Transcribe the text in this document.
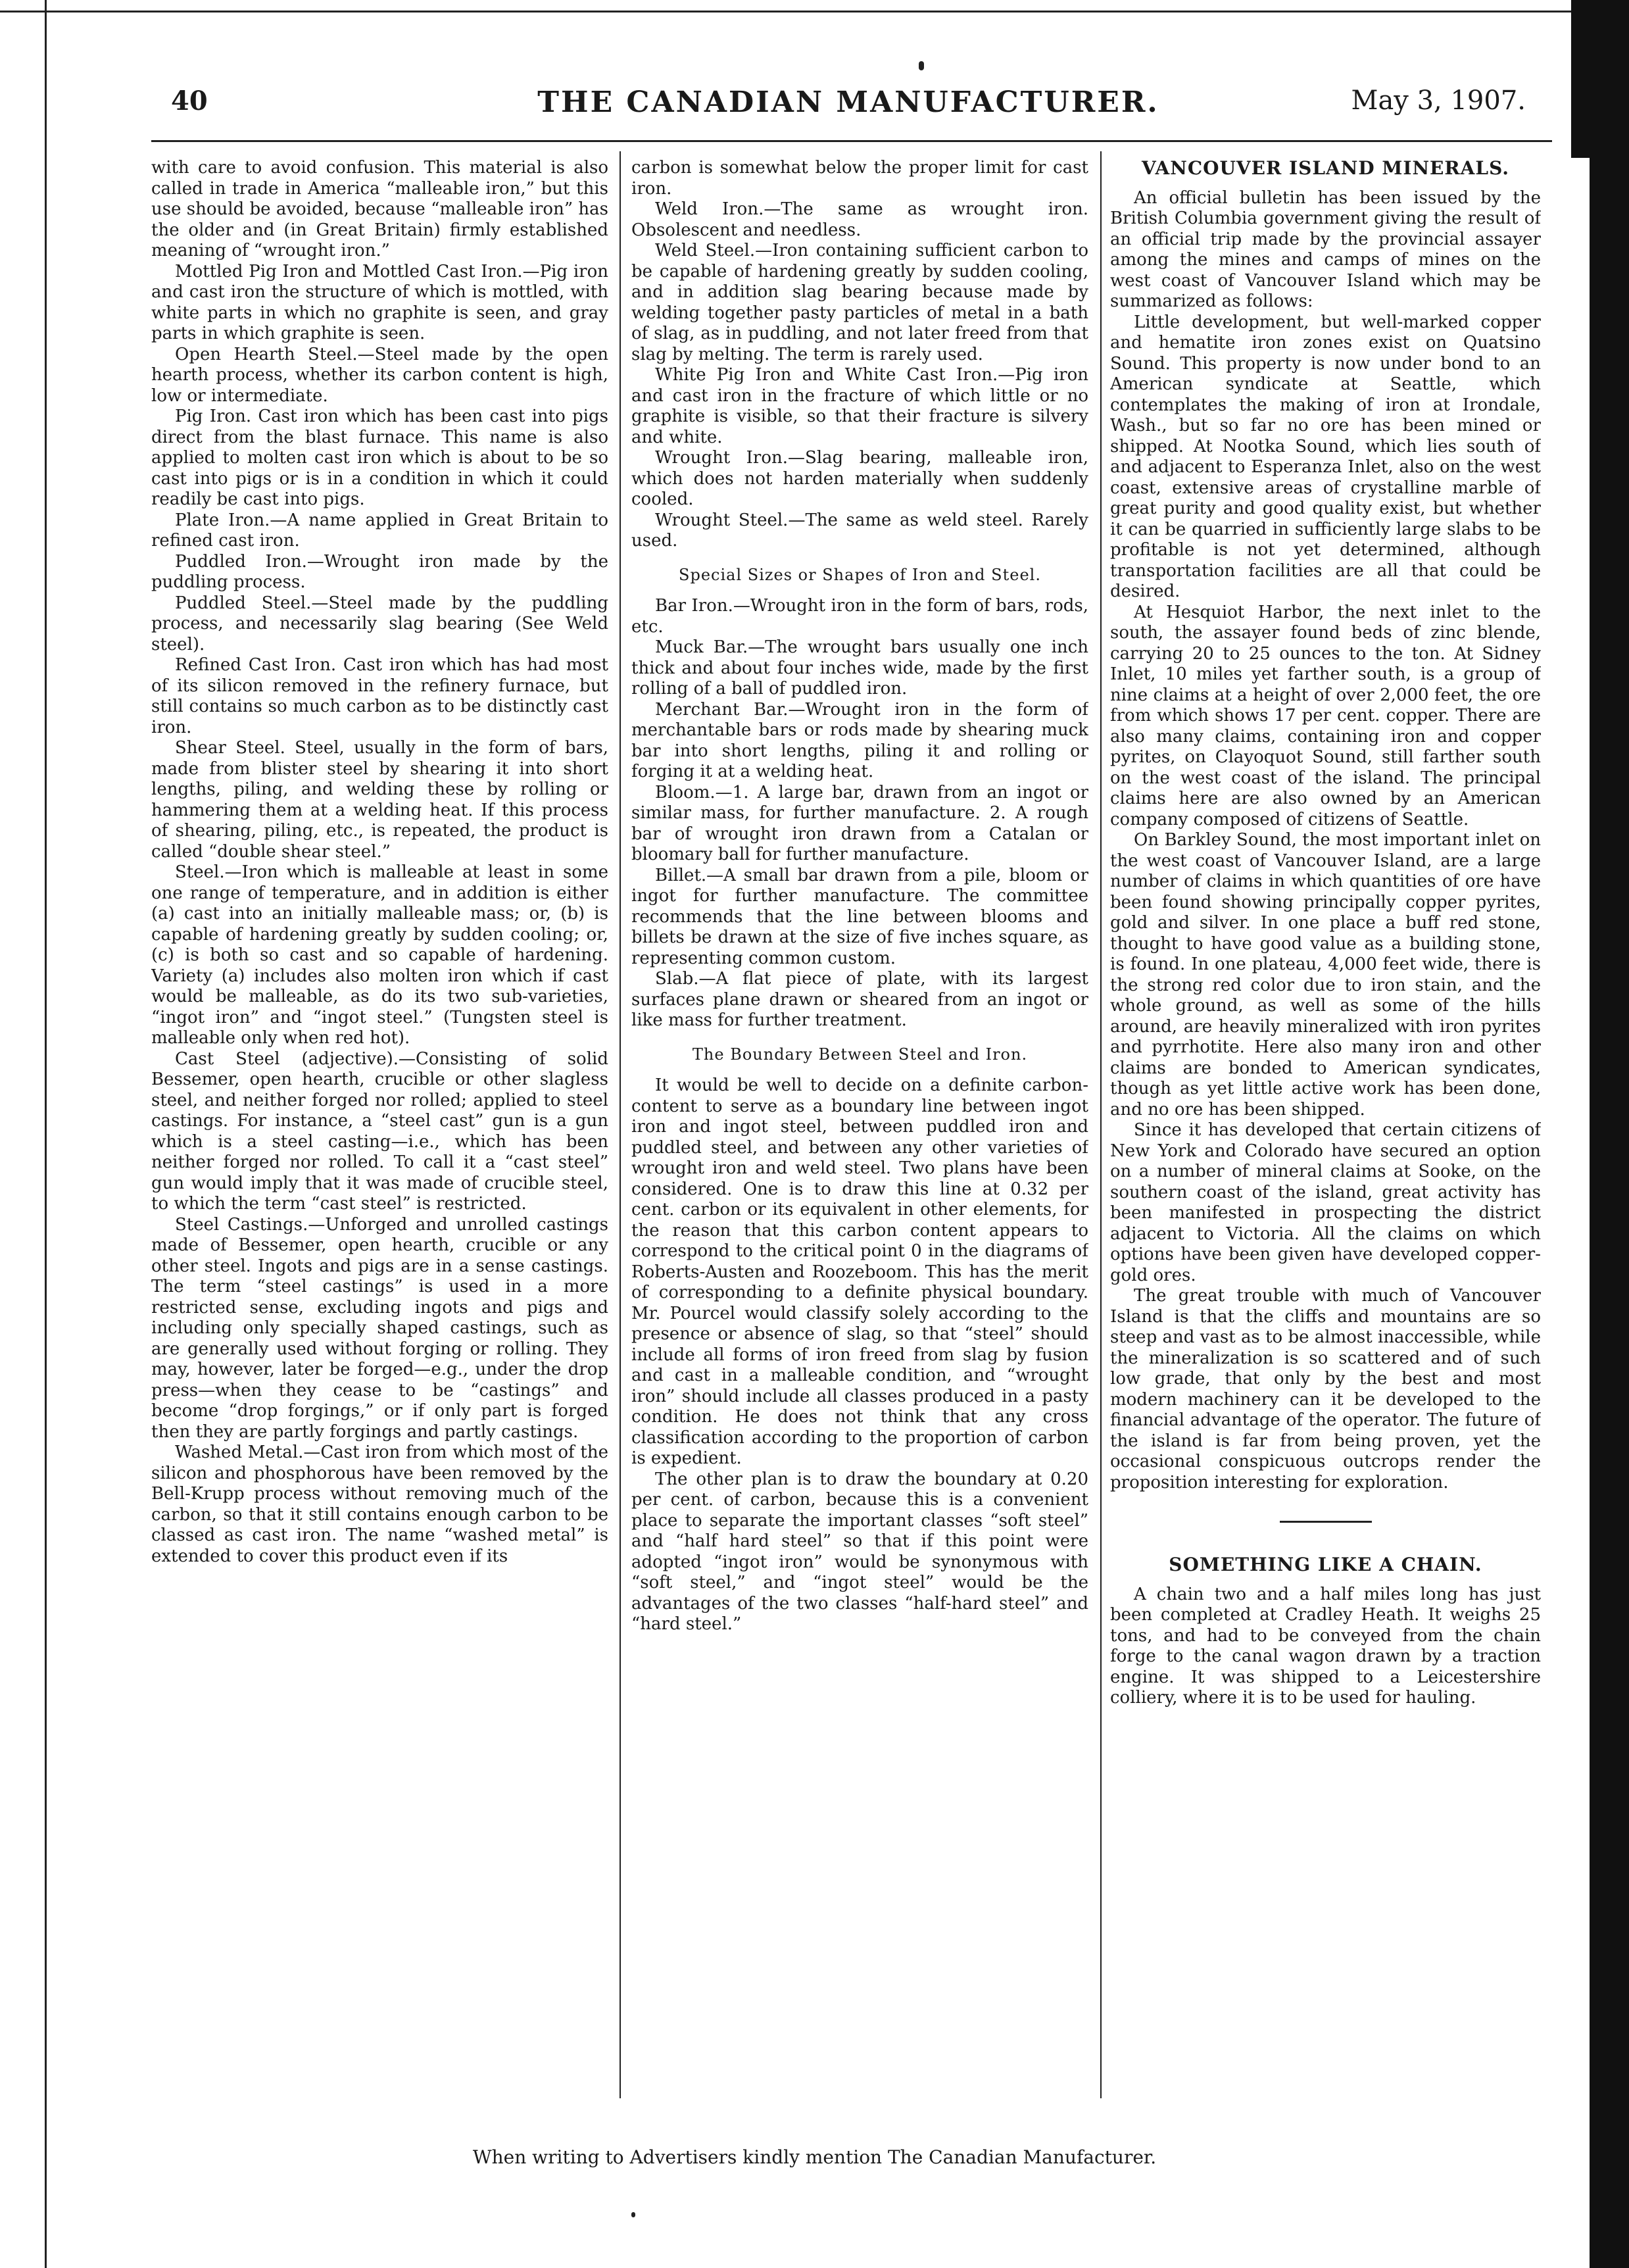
40	THE CANADIAN MANUFACTURER.	May 3, 1907.

with care to avoid confusion. This material is also called in trade in America “malleable iron,” but this use should be avoided, because “malleable iron” has the older and (in Great Britain) firmly established meaning of “wrought iron.”

Mottled Pig Iron and Mottled Cast Iron.—Pig iron and cast iron the structure of which is mottled, with white parts in which no graphite is seen, and gray parts in which graphite is seen.

Open Hearth Steel.—Steel made by the open hearth process, whether its carbon content is high, low or intermediate.

Pig Iron. Cast iron which has been cast into pigs direct from the blast furnace. This name is also applied to molten cast iron which is about to be so cast into pigs or is in a condition in which it could readily be cast into pigs.

Plate Iron.—A name applied in Great Britain to refined cast iron.

Puddled Iron.—Wrought iron made by the puddling process.

Puddled Steel.—Steel made by the puddling process, and necessarily slag bearing (See Weld steel).

Refined Cast Iron. Cast iron which has had most of its silicon removed in the refinery furnace, but still contains so much carbon as to be distinctly cast iron.

Shear Steel. Steel, usually in the form of bars, made from blister steel by shearing it into short lengths, piling, and welding these by rolling or hammering them at a welding heat. If this process of shearing, piling, etc., is repeated, the product is called “double shear steel.”

Steel.—Iron which is malleable at least in some one range of temperature, and in addition is either (a) cast into an initially malleable mass; or, (b) is capable of hardening greatly by sudden cooling; or, (c) is both so cast and so capable of hardening. Variety (a) includes also molten iron which if cast would be malleable, as do its two sub-varieties, “ingot iron” and “ingot steel.” (Tungsten steel is malleable only when red hot).

Cast Steel (adjective).—Consisting of solid Bessemer, open hearth, crucible or other slagless steel, and neither forged nor rolled; applied to steel castings. For instance, a “steel cast” gun is a gun which is a steel casting—i.e., which has been neither forged nor rolled. To call it a “cast steel” gun would imply that it was made of crucible steel, to which the term “cast steel” is restricted.

Steel Castings.—Unforged and unrolled castings made of Bessemer, open hearth, crucible or any other steel. Ingots and pigs are in a sense castings. The term “steel castings” is used in a more restricted sense, excluding ingots and pigs and including only specially shaped castings, such as are generally used without forging or rolling. They may, however, later be forged—e.g., under the drop press—when they cease to be “castings” and become “drop forgings,” or if only part is forged then they are partly forgings and partly castings.

Washed Metal.—Cast iron from which most of the silicon and phosphorous have been removed by the Bell-Krupp process without removing much of the carbon, so that it still contains enough carbon to be classed as cast iron. The name “washed metal” is extended to cover this product even if its

carbon is somewhat below the proper limit for cast iron.

Weld Iron.—The same as wrought iron. Obsolescent and needless.

Weld Steel.—Iron containing sufficient carbon to be capable of hardening greatly by sudden cooling, and in addition slag bearing because made by welding together pasty particles of metal in a bath of slag, as in puddling, and not later freed from that slag by melting. The term is rarely used.

White Pig Iron and White Cast Iron.—Pig iron and cast iron in the fracture of which little or no graphite is visible, so that their fracture is silvery and white.

Wrought Iron.—Slag bearing, malleable iron, which does not harden materially when suddenly cooled.

Wrought Steel.—The same as weld steel. Rarely used.

Special Sizes or Shapes of Iron and Steel.

Bar Iron.—Wrought iron in the form of bars, rods, etc.

Muck Bar.—The wrought bars usually one inch thick and about four inches wide, made by the first rolling of a ball of puddled iron.

Merchant Bar.—Wrought iron in the form of merchantable bars or rods made by shearing muck bar into short lengths, piling it and rolling or forging it at a welding heat.

Bloom.—1. A large bar, drawn from an ingot or similar mass, for further manufacture. 2. A rough bar of wrought iron drawn from a Catalan or bloomary ball for further manufacture.

Billet.—A small bar drawn from a pile, bloom or ingot for further manufacture. The committee recommends that the line between blooms and billets be drawn at the size of five inches square, as representing common custom.

Slab.—A flat piece of plate, with its largest surfaces plane drawn or sheared from an ingot or like mass for further treatment.

The Boundary Between Steel and Iron.

It would be well to decide on a definite carbon-content to serve as a boundary line between ingot iron and ingot steel, between puddled iron and puddled steel, and between any other varieties of wrought iron and weld steel. Two plans have been considered. One is to draw this line at 0.32 per cent. carbon or its equivalent in other elements, for the reason that this carbon content appears to correspond to the critical point 0 in the diagrams of Roberts-Austen and Roozeboom. This has the merit of corresponding to a definite physical boundary. Mr. Pourcel would classify solely according to the presence or absence of slag, so that “steel” should include all forms of iron freed from slag by fusion and cast in a malleable condition, and “wrought iron” should include all classes produced in a pasty condition. He does not think that any cross classification according to the proportion of carbon is expedient.

The other plan is to draw the boundary at 0.20 per cent. of carbon, because this is a convenient place to separate the important classes “soft steel” and “half hard steel” so that if this point were adopted “ingot iron” would be synonymous with “soft steel,” and “ingot steel” would be the advantages of the two classes “half-hard steel” and “hard steel.”

VANCOUVER ISLAND MINERALS.

An official bulletin has been issued by the British Columbia government giving the result of an official trip made by the provincial assayer among the mines and camps of mines on the west coast of Vancouver Island which may be summarized as follows:

Little development, but well-marked copper and hematite iron zones exist on Quatsino Sound. This property is now under bond to an American syndicate at Seattle, which contemplates the making of iron at Irondale, Wash., but so far no ore has been mined or shipped. At Nootka Sound, which lies south of and adjacent to Esperanza Inlet, also on the west coast, extensive areas of crystalline marble of great purity and good quality exist, but whether it can be quarried in sufficiently large slabs to be profitable is not yet determined, although transportation facilities are all that could be desired.

At Hesquiot Harbor, the next inlet to the south, the assayer found beds of zinc blende, carrying 20 to 25 ounces to the ton. At Sidney Inlet, 10 miles yet farther south, is a group of nine claims at a height of over 2,000 feet, the ore from which shows 17 per cent. copper. There are also many claims, containing iron and copper pyrites, on Clayoquot Sound, still farther south on the west coast of the island. The principal claims here are also owned by an American company composed of citizens of Seattle.

On Barkley Sound, the most important inlet on the west coast of Vancouver Island, are a large number of claims in which quantities of ore have been found showing principally copper pyrites, gold and silver. In one place a buff red stone, thought to have good value as a building stone, is found. In one plateau, 4,000 feet wide, there is the strong red color due to iron stain, and the whole ground, as well as some of the hills around, are heavily mineralized with iron pyrites and pyrrhotite. Here also many iron and other claims are bonded to American syndicates, though as yet little active work has been done, and no ore has been shipped.

Since it has developed that certain citizens of New York and Colorado have secured an option on a number of mineral claims at Sooke, on the southern coast of the island, great activity has been manifested in prospecting the district adjacent to Victoria. All the claims on which options have been given have developed copper-gold ores.

The great trouble with much of Vancouver Island is that the cliffs and mountains are so steep and vast as to be almost inaccessible, while the mineralization is so scattered and of such low grade, that only by the best and most modern machinery can it be developed to the financial advantage of the operator. The future of the island is far from being proven, yet the occasional conspicuous outcrops render the proposition interesting for exploration.

SOMETHING LIKE A CHAIN.

A chain two and a half miles long has just been completed at Cradley Heath. It weighs 25 tons, and had to be conveyed from the chain forge to the canal wagon drawn by a traction engine. It was shipped to a Leicestershire colliery, where it is to be used for hauling.

When writing to Advertisers kindly mention The Canadian Manufacturer.
